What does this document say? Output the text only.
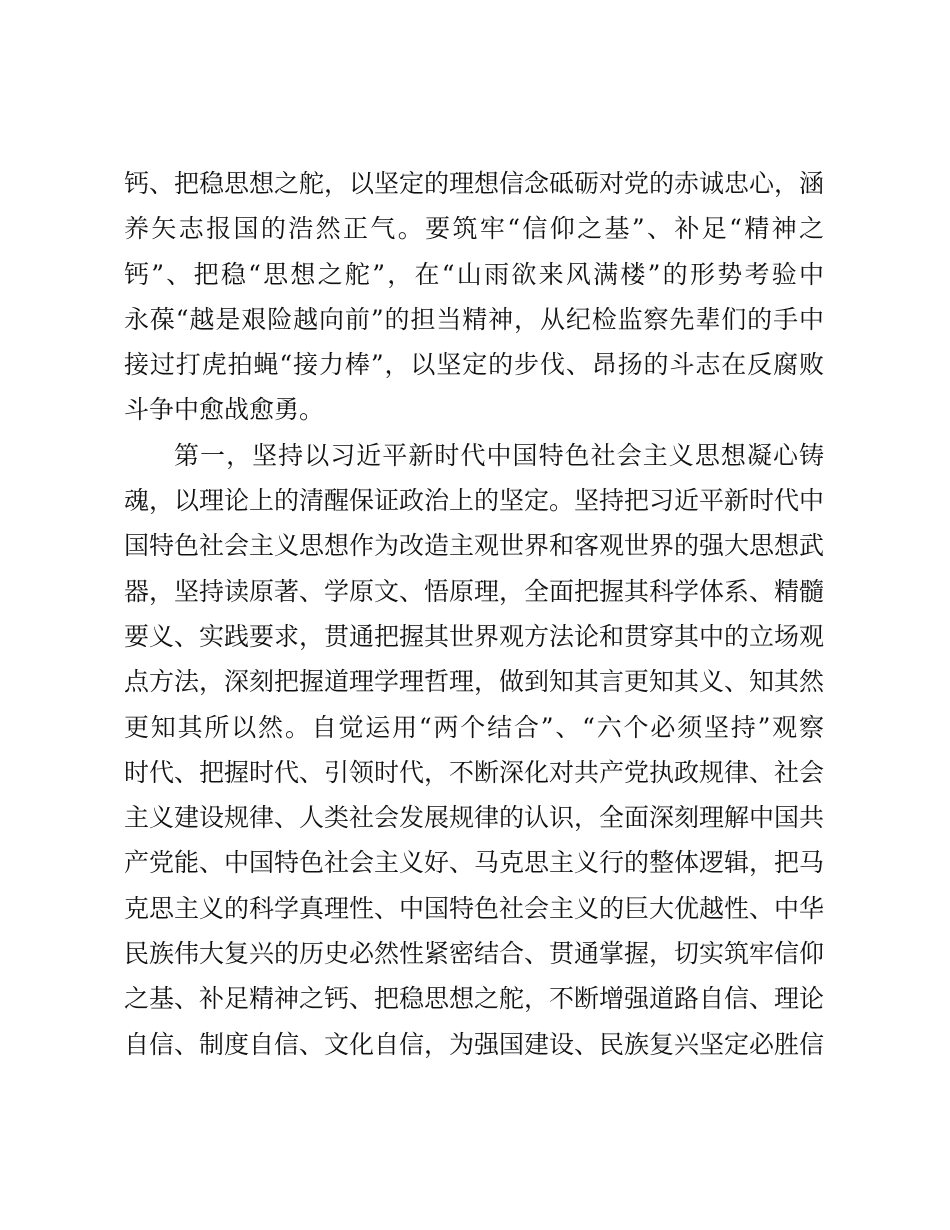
钙、把稳思想之舵，以坚定的理想信念砥砺对党的赤诚忠心，涵
养矢志报国的浩然正气。要筑牢“信仰之基”、补足“精神之
钙”、把稳“思想之舵”，在“山雨欲来风满楼”的形势考验中
永葆“越是艰险越向前”的担当精神，从纪检监察先辈们的手中
接过打虎拍蝇“接力棒”，以坚定的步伐、昂扬的斗志在反腐败
斗争中愈战愈勇。
第一，坚持以习近平新时代中国特色社会主义思想凝心铸
魂，以理论上的清醒保证政治上的坚定。坚持把习近平新时代中
国特色社会主义思想作为改造主观世界和客观世界的强大思想武
器，坚持读原著、学原文、悟原理，全面把握其科学体系、精髓
要义、实践要求，贯通把握其世界观方法论和贯穿其中的立场观
点方法，深刻把握道理学理哲理，做到知其言更知其义、知其然
更知其所以然。自觉运用“两个结合”、“六个必须坚持”观察
时代、把握时代、引领时代，不断深化对共产党执政规律、社会
主义建设规律、人类社会发展规律的认识，全面深刻理解中国共
产党能、中国特色社会主义好、马克思主义行的整体逻辑，把马
克思主义的科学真理性、中国特色社会主义的巨大优越性、中华
民族伟大复兴的历史必然性紧密结合、贯通掌握，切实筑牢信仰
之基、补足精神之钙、把稳思想之舵，不断增强道路自信、理论
自信、制度自信、文化自信，为强国建设、民族复兴坚定必胜信
